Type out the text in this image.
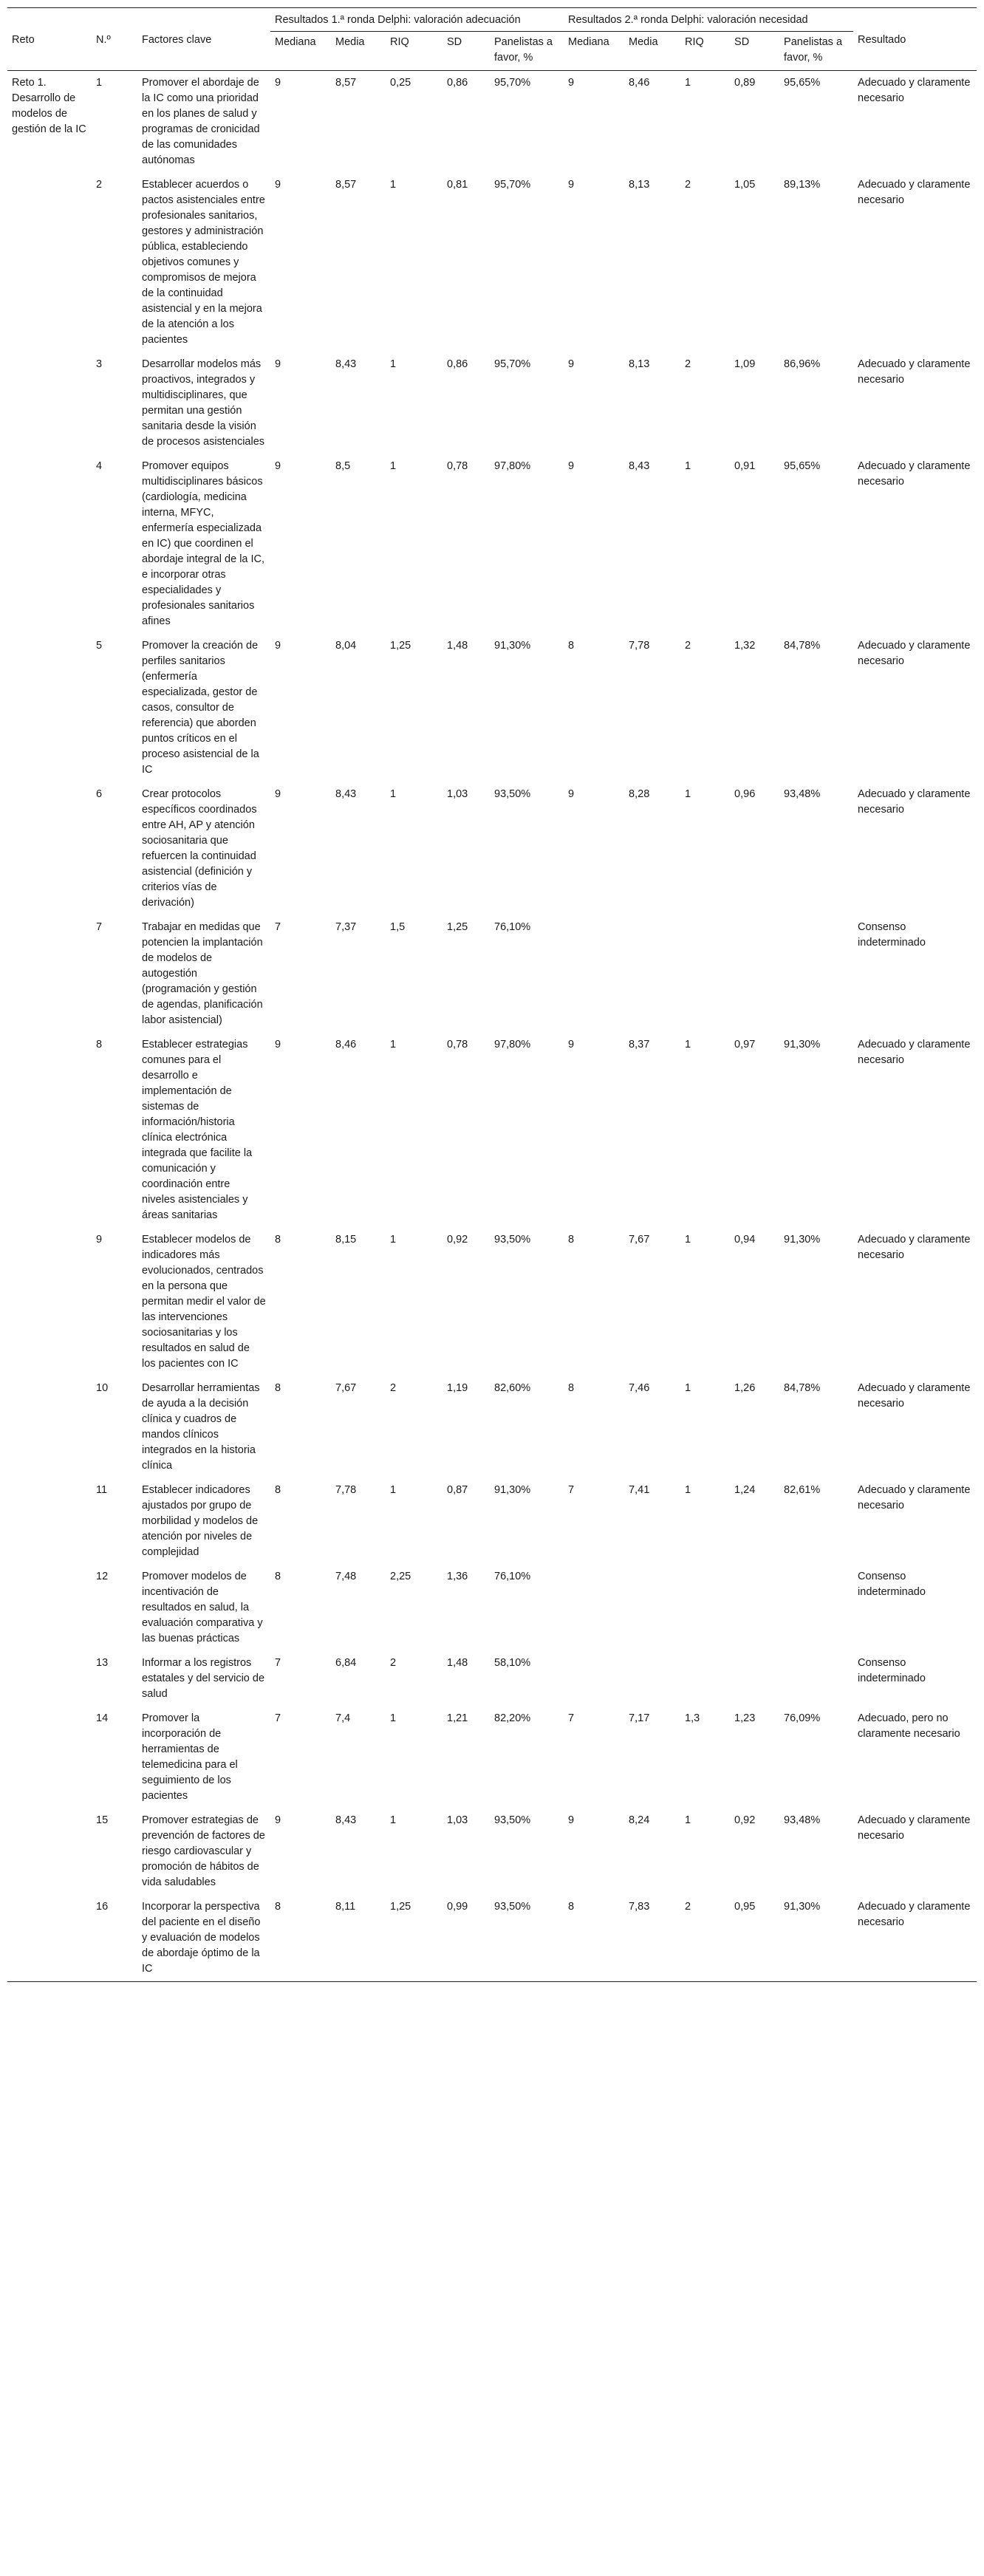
Reto	N.º	Factores clave	Resultados 1.ª ronda Delphi: valoración adecuación					Resultados 2.ª ronda Delphi: valoración necesidad					Resultado
			Mediana	Media	RIQ	SD	Panelistas a favor, %	Mediana	Media	RIQ	SD	Panelistas a favor, %	
Reto 1. Desarrollo de modelos de gestión de la IC	1	Promover el abordaje de la IC como una prioridad en los planes de salud y programas de cronicidad de las comunidades autónomas	9	8,57	0,25	0,86	95,70%	9	8,46	1	0,89	95,65%	Adecuado y claramente necesario
	2	Establecer acuerdos o pactos asistenciales entre profesionales sanitarios, gestores y administración pública, estableciendo objetivos comunes y compromisos de mejora de la continuidad asistencial y en la mejora de la atención a los pacientes	9	8,57	1	0,81	95,70%	9	8,13	2	1,05	89,13%	Adecuado y claramente necesario
	3	Desarrollar modelos más proactivos, integrados y multidisciplinares, que permitan una gestión sanitaria desde la visión de procesos asistenciales	9	8,43	1	0,86	95,70%	9	8,13	2	1,09	86,96%	Adecuado y claramente necesario
	4	Promover equipos multidisciplinares básicos (cardiología, medicina interna, MFYC, enfermería especializada en IC) que coordinen el abordaje integral de la IC, e incorporar otras especialidades y profesionales sanitarios afines	9	8,5	1	0,78	97,80%	9	8,43	1	0,91	95,65%	Adecuado y claramente necesario
	5	Promover la creación de perfiles sanitarios (enfermería especializada, gestor de casos, consultor de referencia) que aborden puntos críticos en el proceso asistencial de la IC	9	8,04	1,25	1,48	91,30%	8	7,78	2	1,32	84,78%	Adecuado y claramente necesario
	6	Crear protocolos específicos coordinados entre AH, AP y atención sociosanitaria que refuercen la continuidad asistencial (definición y criterios vías de derivación)	9	8,43	1	1,03	93,50%	9	8,28	1	0,96	93,48%	Adecuado y claramente necesario
	7	Trabajar en medidas que potencien la implantación de modelos de autogestión (programación y gestión de agendas, planificación labor asistencial)	7	7,37	1,5	1,25	76,10%						Consenso indeterminado
	8	Establecer estrategias comunes para el desarrollo e implementación de sistemas de información/historia clínica electrónica integrada que facilite la comunicación y coordinación entre niveles asistenciales y áreas sanitarias	9	8,46	1	0,78	97,80%	9	8,37	1	0,97	91,30%	Adecuado y claramente necesario
	9	Establecer modelos de indicadores más evolucionados, centrados en la persona que permitan medir el valor de las intervenciones sociosanitarias y los resultados en salud de los pacientes con IC	8	8,15	1	0,92	93,50%	8	7,67	1	0,94	91,30%	Adecuado y claramente necesario
	10	Desarrollar herramientas de ayuda a la decisión clínica y cuadros de mandos clínicos integrados en la historia clínica	8	7,67	2	1,19	82,60%	8	7,46	1	1,26	84,78%	Adecuado y claramente necesario
	11	Establecer indicadores ajustados por grupo de morbilidad y modelos de atención por niveles de complejidad	8	7,78	1	0,87	91,30%	7	7,41	1	1,24	82,61%	Adecuado y claramente necesario
	12	Promover modelos de incentivación de resultados en salud, la evaluación comparativa y las buenas prácticas	8	7,48	2,25	1,36	76,10%						Consenso indeterminado
	13	Informar a los registros estatales y del servicio de salud	7	6,84	2	1,48	58,10%						Consenso indeterminado
	14	Promover la incorporación de herramientas de telemedicina para el seguimiento de los pacientes	7	7,4	1	1,21	82,20%	7	7,17	1,3	1,23	76,09%	Adecuado, pero no claramente necesario
	15	Promover estrategias de prevención de factores de riesgo cardiovascular y promoción de hábitos de vida saludables	9	8,43	1	1,03	93,50%	9	8,24	1	0,92	93,48%	Adecuado y claramente necesario
	16	Incorporar la perspectiva del paciente en el diseño y evaluación de modelos de abordaje óptimo de la IC	8	8,11	1,25	0,99	93,50%	8	7,83	2	0,95	91,30%	Adecuado y claramente necesario
